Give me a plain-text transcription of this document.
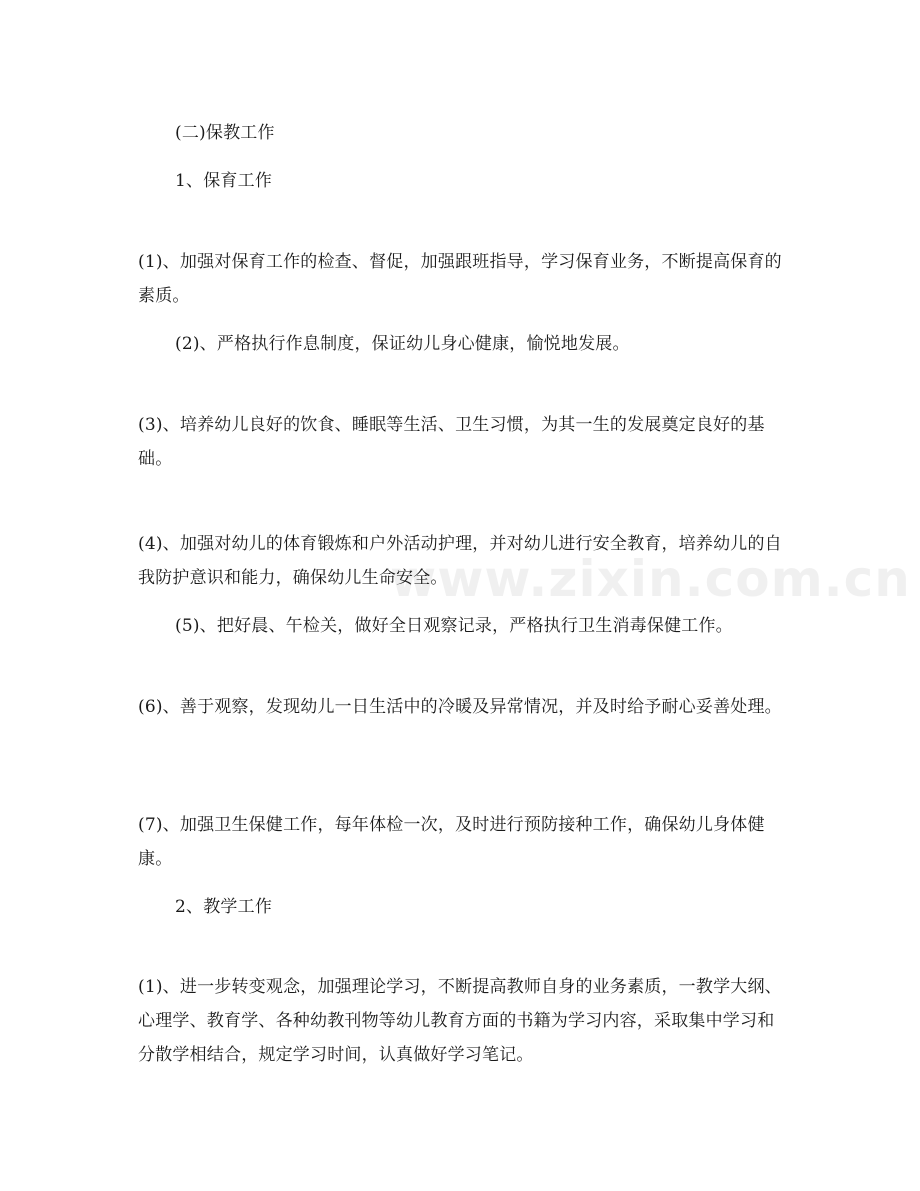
(二)保教工作
1、保育工作
(1)、加强对保育工作的检查、督促，加强跟班指导，学习保育业务，不断提高保育的素质。
(2)、严格执行作息制度，保证幼儿身心健康，愉悦地发展。
(3)、培养幼儿良好的饮食、睡眠等生活、卫生习惯，为其一生的发展奠定良好的基础。
(4)、加强对幼儿的体育锻炼和户外活动护理，并对幼儿进行安全教育，培养幼儿的自我防护意识和能力，确保幼儿生命安全。
(5)、把好晨、午检关，做好全日观察记录，严格执行卫生消毒保健工作。
(6)、善于观察，发现幼儿一日生活中的冷暖及异常情况，并及时给予耐心妥善处理。
(7)、加强卫生保健工作，每年体检一次，及时进行预防接种工作，确保幼儿身体健康。
2、教学工作
(1)、进一步转变观念，加强理论学习，不断提高教师自身的业务素质，一教学大纲、心理学、教育学、各种幼教刊物等幼儿教育方面的书籍为学习内容，采取集中学习和分散学相结合，规定学习时间，认真做好学习笔记。
www.zixin.com.cn
